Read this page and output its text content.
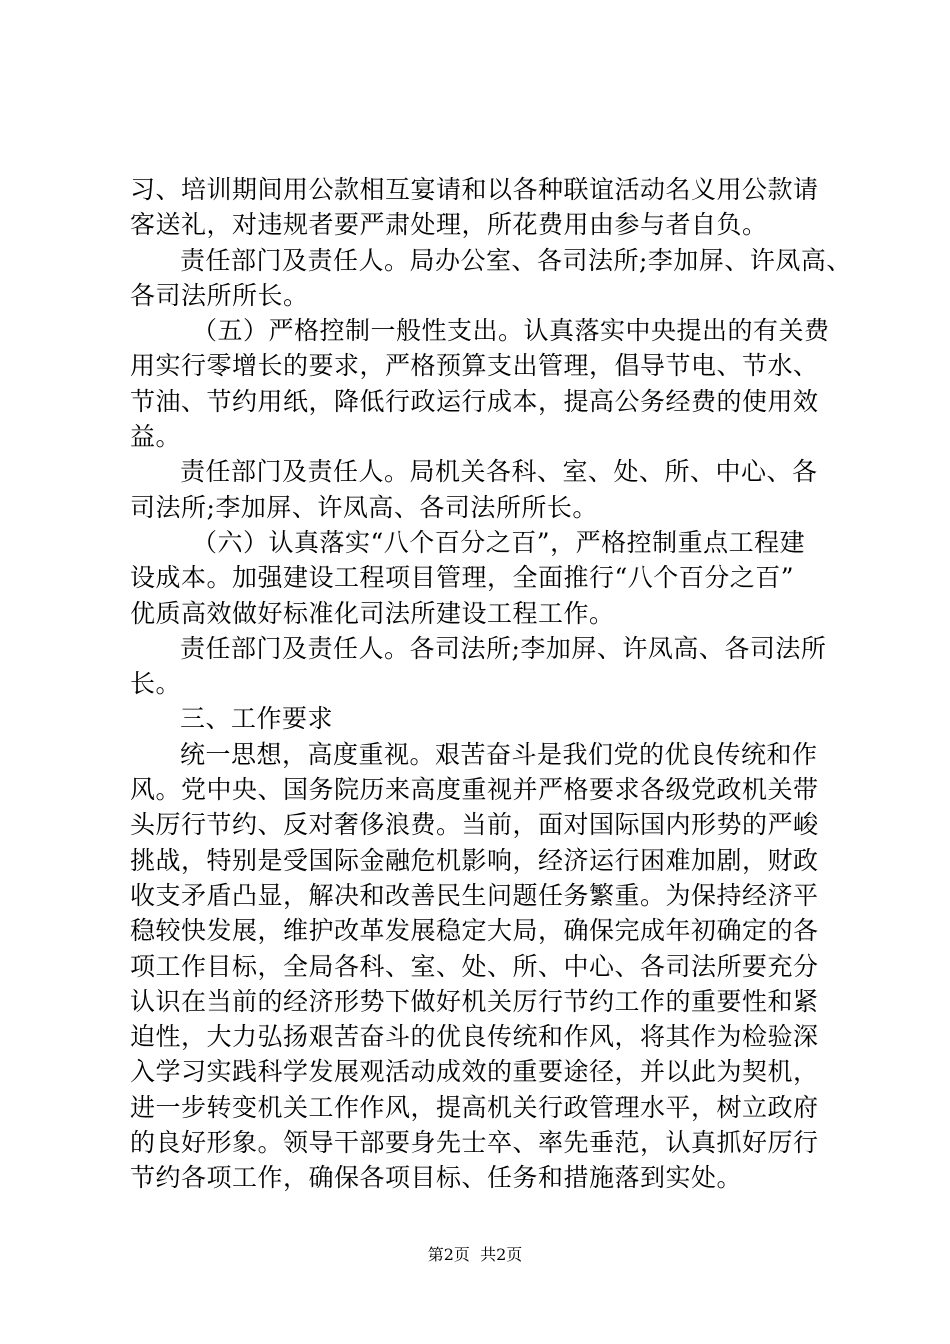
习、培训期间用公款相互宴请和以各种联谊活动名义用公款请
客送礼，对违规者要严肃处理，所花费用由参与者自负。
责任部门及责任人。局办公室、各司法所;李加屏、许凤高、
各司法所所长。
（五）严格控制一般性支出。认真落实中央提出的有关费
用实行零增长的要求，严格预算支出管理，倡导节电、节水、
节油、节约用纸，降低行政运行成本，提高公务经费的使用效
益。
责任部门及责任人。局机关各科、室、处、所、中心、各
司法所;李加屏、许凤高、各司法所所长。
（六）认真落实“八个百分之百”，严格控制重点工程建
设成本。加强建设工程项目管理，全面推行“八个百分之百”
优质高效做好标准化司法所建设工程工作。
责任部门及责任人。各司法所;李加屏、许凤高、各司法所
长。
三、工作要求
统一思想，高度重视。艰苦奋斗是我们党的优良传统和作
风。党中央、国务院历来高度重视并严格要求各级党政机关带
头厉行节约、反对奢侈浪费。当前，面对国际国内形势的严峻
挑战，特别是受国际金融危机影响，经济运行困难加剧，财政
收支矛盾凸显，解决和改善民生问题任务繁重。为保持经济平
稳较快发展，维护改革发展稳定大局，确保完成年初确定的各
项工作目标，全局各科、室、处、所、中心、各司法所要充分
认识在当前的经济形势下做好机关厉行节约工作的重要性和紧
迫性，大力弘扬艰苦奋斗的优良传统和作风，将其作为检验深
入学习实践科学发展观活动成效的重要途径，并以此为契机，
进一步转变机关工作作风，提高机关行政管理水平，树立政府
的良好形象。领导干部要身先士卒、率先垂范，认真抓好厉行
节约各项工作，确保各项目标、任务和措施落到实处。
第2页  共2页
